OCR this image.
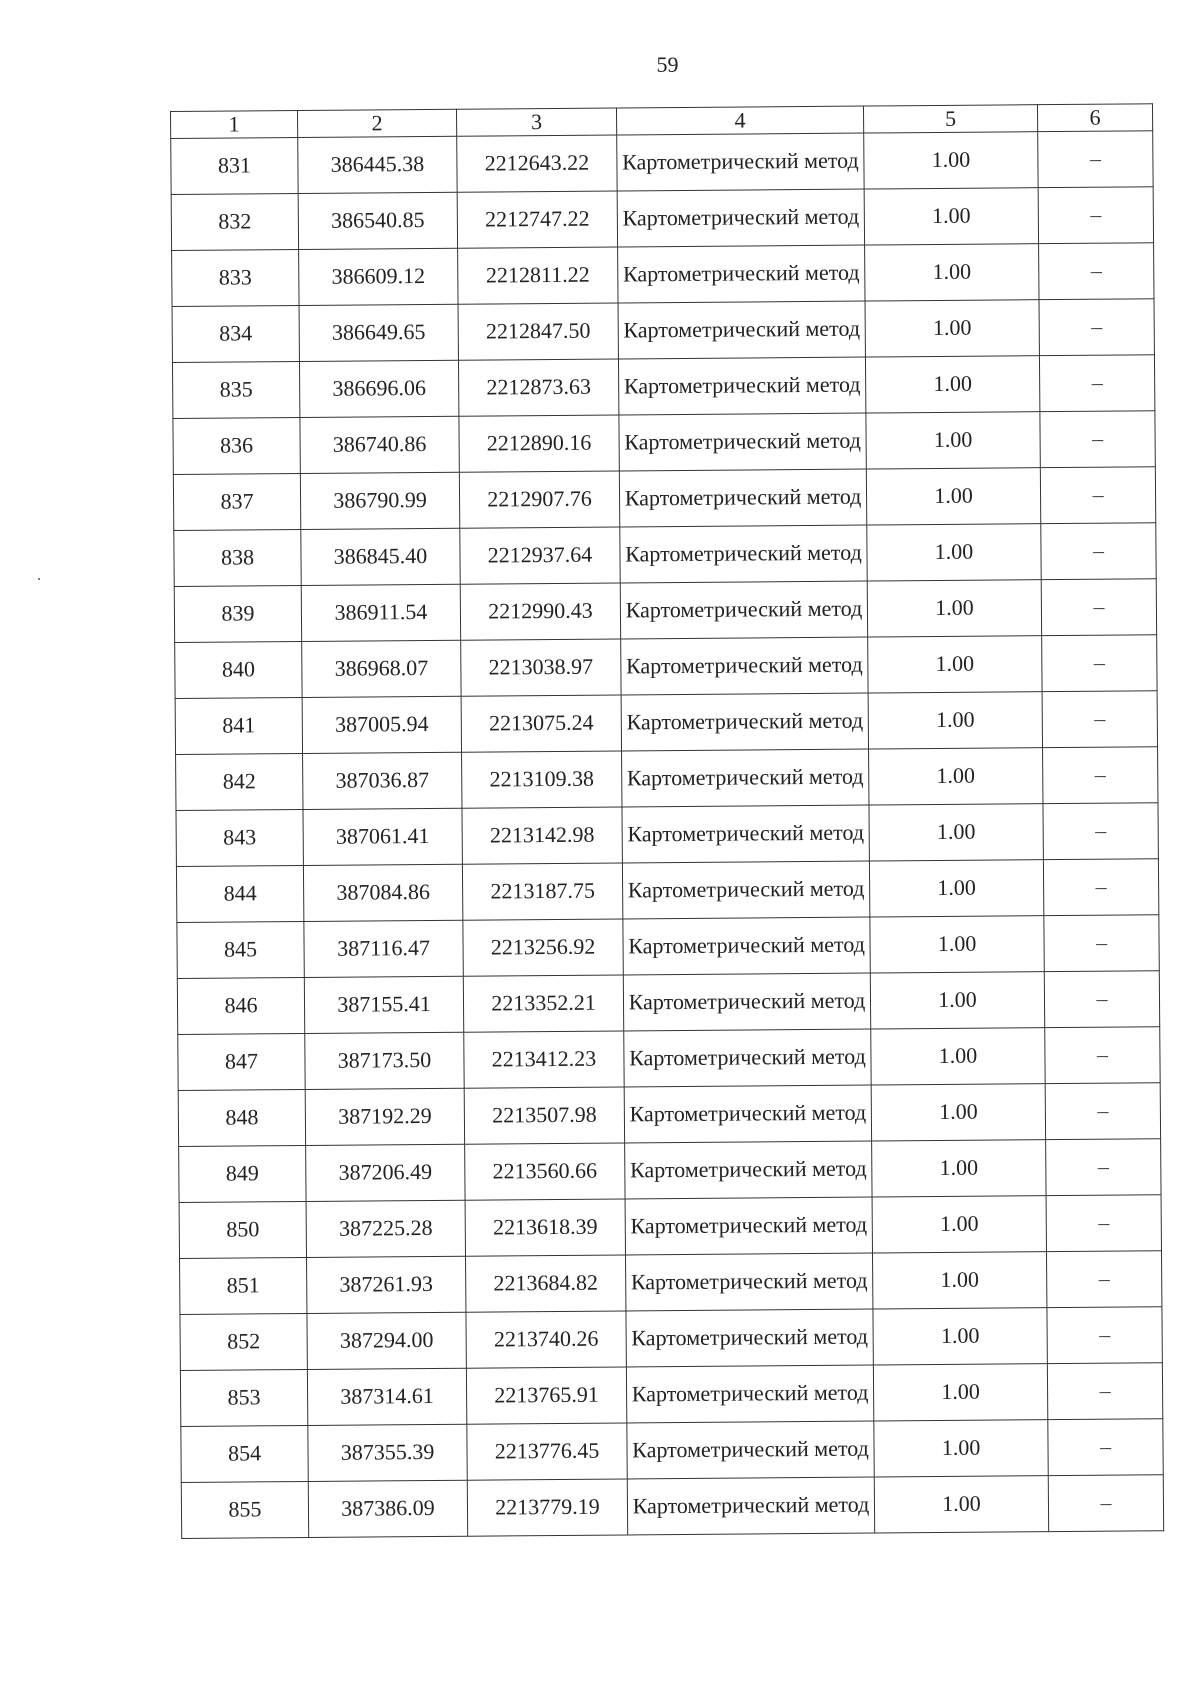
59
1	2	3	4	5	6
831	386445.38	2212643.22	Картометрический метод	1.00	–
832	386540.85	2212747.22	Картометрический метод	1.00	–
833	386609.12	2212811.22	Картометрический метод	1.00	–
834	386649.65	2212847.50	Картометрический метод	1.00	–
835	386696.06	2212873.63	Картометрический метод	1.00	–
836	386740.86	2212890.16	Картометрический метод	1.00	–
837	386790.99	2212907.76	Картометрический метод	1.00	–
838	386845.40	2212937.64	Картометрический метод	1.00	–
839	386911.54	2212990.43	Картометрический метод	1.00	–
840	386968.07	2213038.97	Картометрический метод	1.00	–
841	387005.94	2213075.24	Картометрический метод	1.00	–
842	387036.87	2213109.38	Картометрический метод	1.00	–
843	387061.41	2213142.98	Картометрический метод	1.00	–
844	387084.86	2213187.75	Картометрический метод	1.00	–
845	387116.47	2213256.92	Картометрический метод	1.00	–
846	387155.41	2213352.21	Картометрический метод	1.00	–
847	387173.50	2213412.23	Картометрический метод	1.00	–
848	387192.29	2213507.98	Картометрический метод	1.00	–
849	387206.49	2213560.66	Картометрический метод	1.00	–
850	387225.28	2213618.39	Картометрический метод	1.00	–
851	387261.93	2213684.82	Картометрический метод	1.00	–
852	387294.00	2213740.26	Картометрический метод	1.00	–
853	387314.61	2213765.91	Картометрический метод	1.00	–
854	387355.39	2213776.45	Картометрический метод	1.00	–
855	387386.09	2213779.19	Картометрический метод	1.00	–
